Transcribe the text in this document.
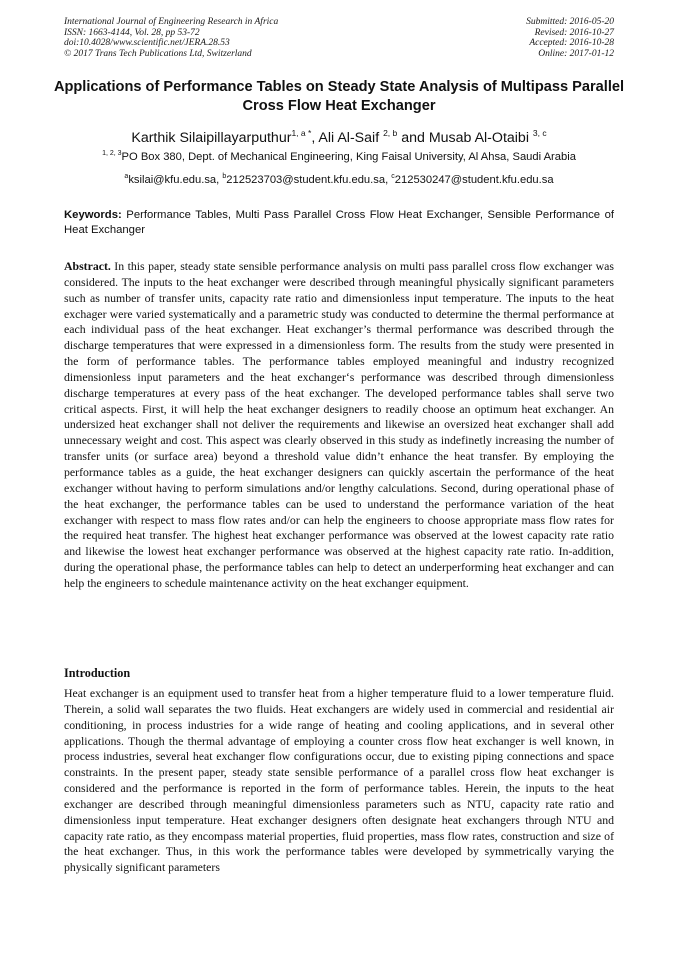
International Journal of Engineering Research in Africa
ISSN: 1663-4144, Vol. 28, pp 53-72
doi:10.4028/www.scientific.net/JERA.28.53
© 2017 Trans Tech Publications Ltd, Switzerland
Submitted: 2016-05-20
Revised: 2016-10-27
Accepted: 2016-10-28
Online: 2017-01-12
Applications of Performance Tables on Steady State Analysis of Multipass Parallel Cross Flow Heat Exchanger
Karthik Silaipillayarputhur$^{1, a *}$, Ali Al-Saif $^{2, b}$ and Musab Al-Otaibi $^{3, c}$
$^{1, 2, 3}$PO Box 380, Dept. of Mechanical Engineering, King Faisal University, Al Ahsa, Saudi Arabia
$^a$ksilai@kfu.edu.sa, $^b$212523703@student.kfu.edu.sa, $^c$212530247@student.kfu.edu.sa
Keywords: Performance Tables, Multi Pass Parallel Cross Flow Heat Exchanger, Sensible Performance of Heat Exchanger
Abstract. In this paper, steady state sensible performance analysis on multi pass parallel cross flow exchanger was considered. The inputs to the heat exchanger were described through meaningful physically significant parameters such as number of transfer units, capacity rate ratio and dimensionless input temperature. The inputs to the heat exchager were varied systematically and a parametric study was conducted to determine the thermal performance at each individual pass of the heat exchanger. Heat exchanger’s thermal performance was described through the discharge temperatures that were expressed in a dimensionless form. The results from the study were presented in the form of performance tables. The performance tables employed meaningful and industry recognized dimensionless input parameters and the heat exchanger‘s performance was described through dimensionless discharge temperatures at every pass of the heat exchanger. The developed performance tables shall serve two critical aspects. First, it will help the heat exchanger designers to readily choose an optimum heat exchanger. An undersized heat exchanger shall not deliver the requirements and likewise an oversized heat exchanger shall add unnecessary weight and cost. This aspect was clearly observed in this study as indefinetly increasing the number of transfer units (or surface area) beyond a threshold value didn’t enhance the heat transfer. By employing the performance tables as a guide, the heat exchanger designers can quickly ascertain the performance of the heat exchanger without having to perform simulations and/or lengthy calculations. Second, during operational phase of the heat exchanger, the performance tables can be used to understand the performance variation of the heat exchanger with respect to mass flow rates and/or can help the engineers to choose appropriate mass flow rates for the required heat transfer. The highest heat exchanger performance was observed at the lowest capacity rate ratio and likewise the lowest heat exchanger performance was observed at the highest capacity rate ratio. In-addition, during the operational phase, the performance tables can help to detect an underperforming heat exchanger and can help the engineers to schedule maintenance activity on the heat exchanger equipment.
Introduction
Heat exchanger is an equipment used to transfer heat from a higher temperature fluid to a lower temperature fluid. Therein, a solid wall separates the two fluids. Heat exchangers are widely used in commercial and residential air conditioning, in process industries for a wide range of heating and cooling applications, and in several other applications. Though the thermal advantage of employing a counter cross flow heat exchanger is well known, in process industries, several heat exchanger flow configurations occur, due to existing piping connections and space constraints. In the present paper, steady state sensible performance of a parallel cross flow heat exchanger is considered and the performance is reported in the form of performance tables. Herein, the inputs to the heat exchanger are described through meaningful dimensionless parameters such as NTU, capacity rate ratio and dimensionless input temperature. Heat exchanger designers often designate heat exchangers through NTU and capacity rate ratio, as they encompass material properties, fluid properties, mass flow rates, construction and size of the heat exchanger. Thus, in this work the performance tables were developed by symmetrically varying the physically significant parameters
